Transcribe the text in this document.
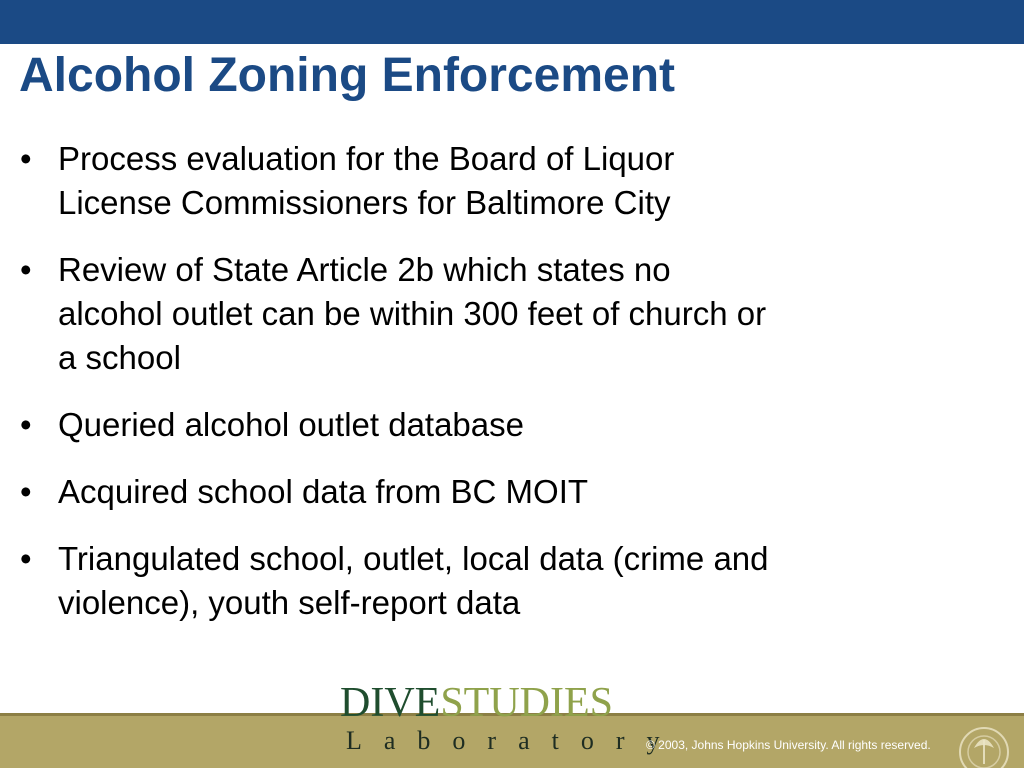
Alcohol Zoning Enforcement
• Process evaluation for the Board of Liquor
License Commissioners for Baltimore City
• Review of State Article 2b which states no
alcohol outlet can be within 300 feet of church or
a school
• Queried alcohol outlet database
• Acquired school data from BC MOIT
• Triangulated school, outlet, local data (crime and
violence), youth self-report data
DIVESTUDIES
Laboratory
© 2003, Johns Hopkins University. All rights reserved.
